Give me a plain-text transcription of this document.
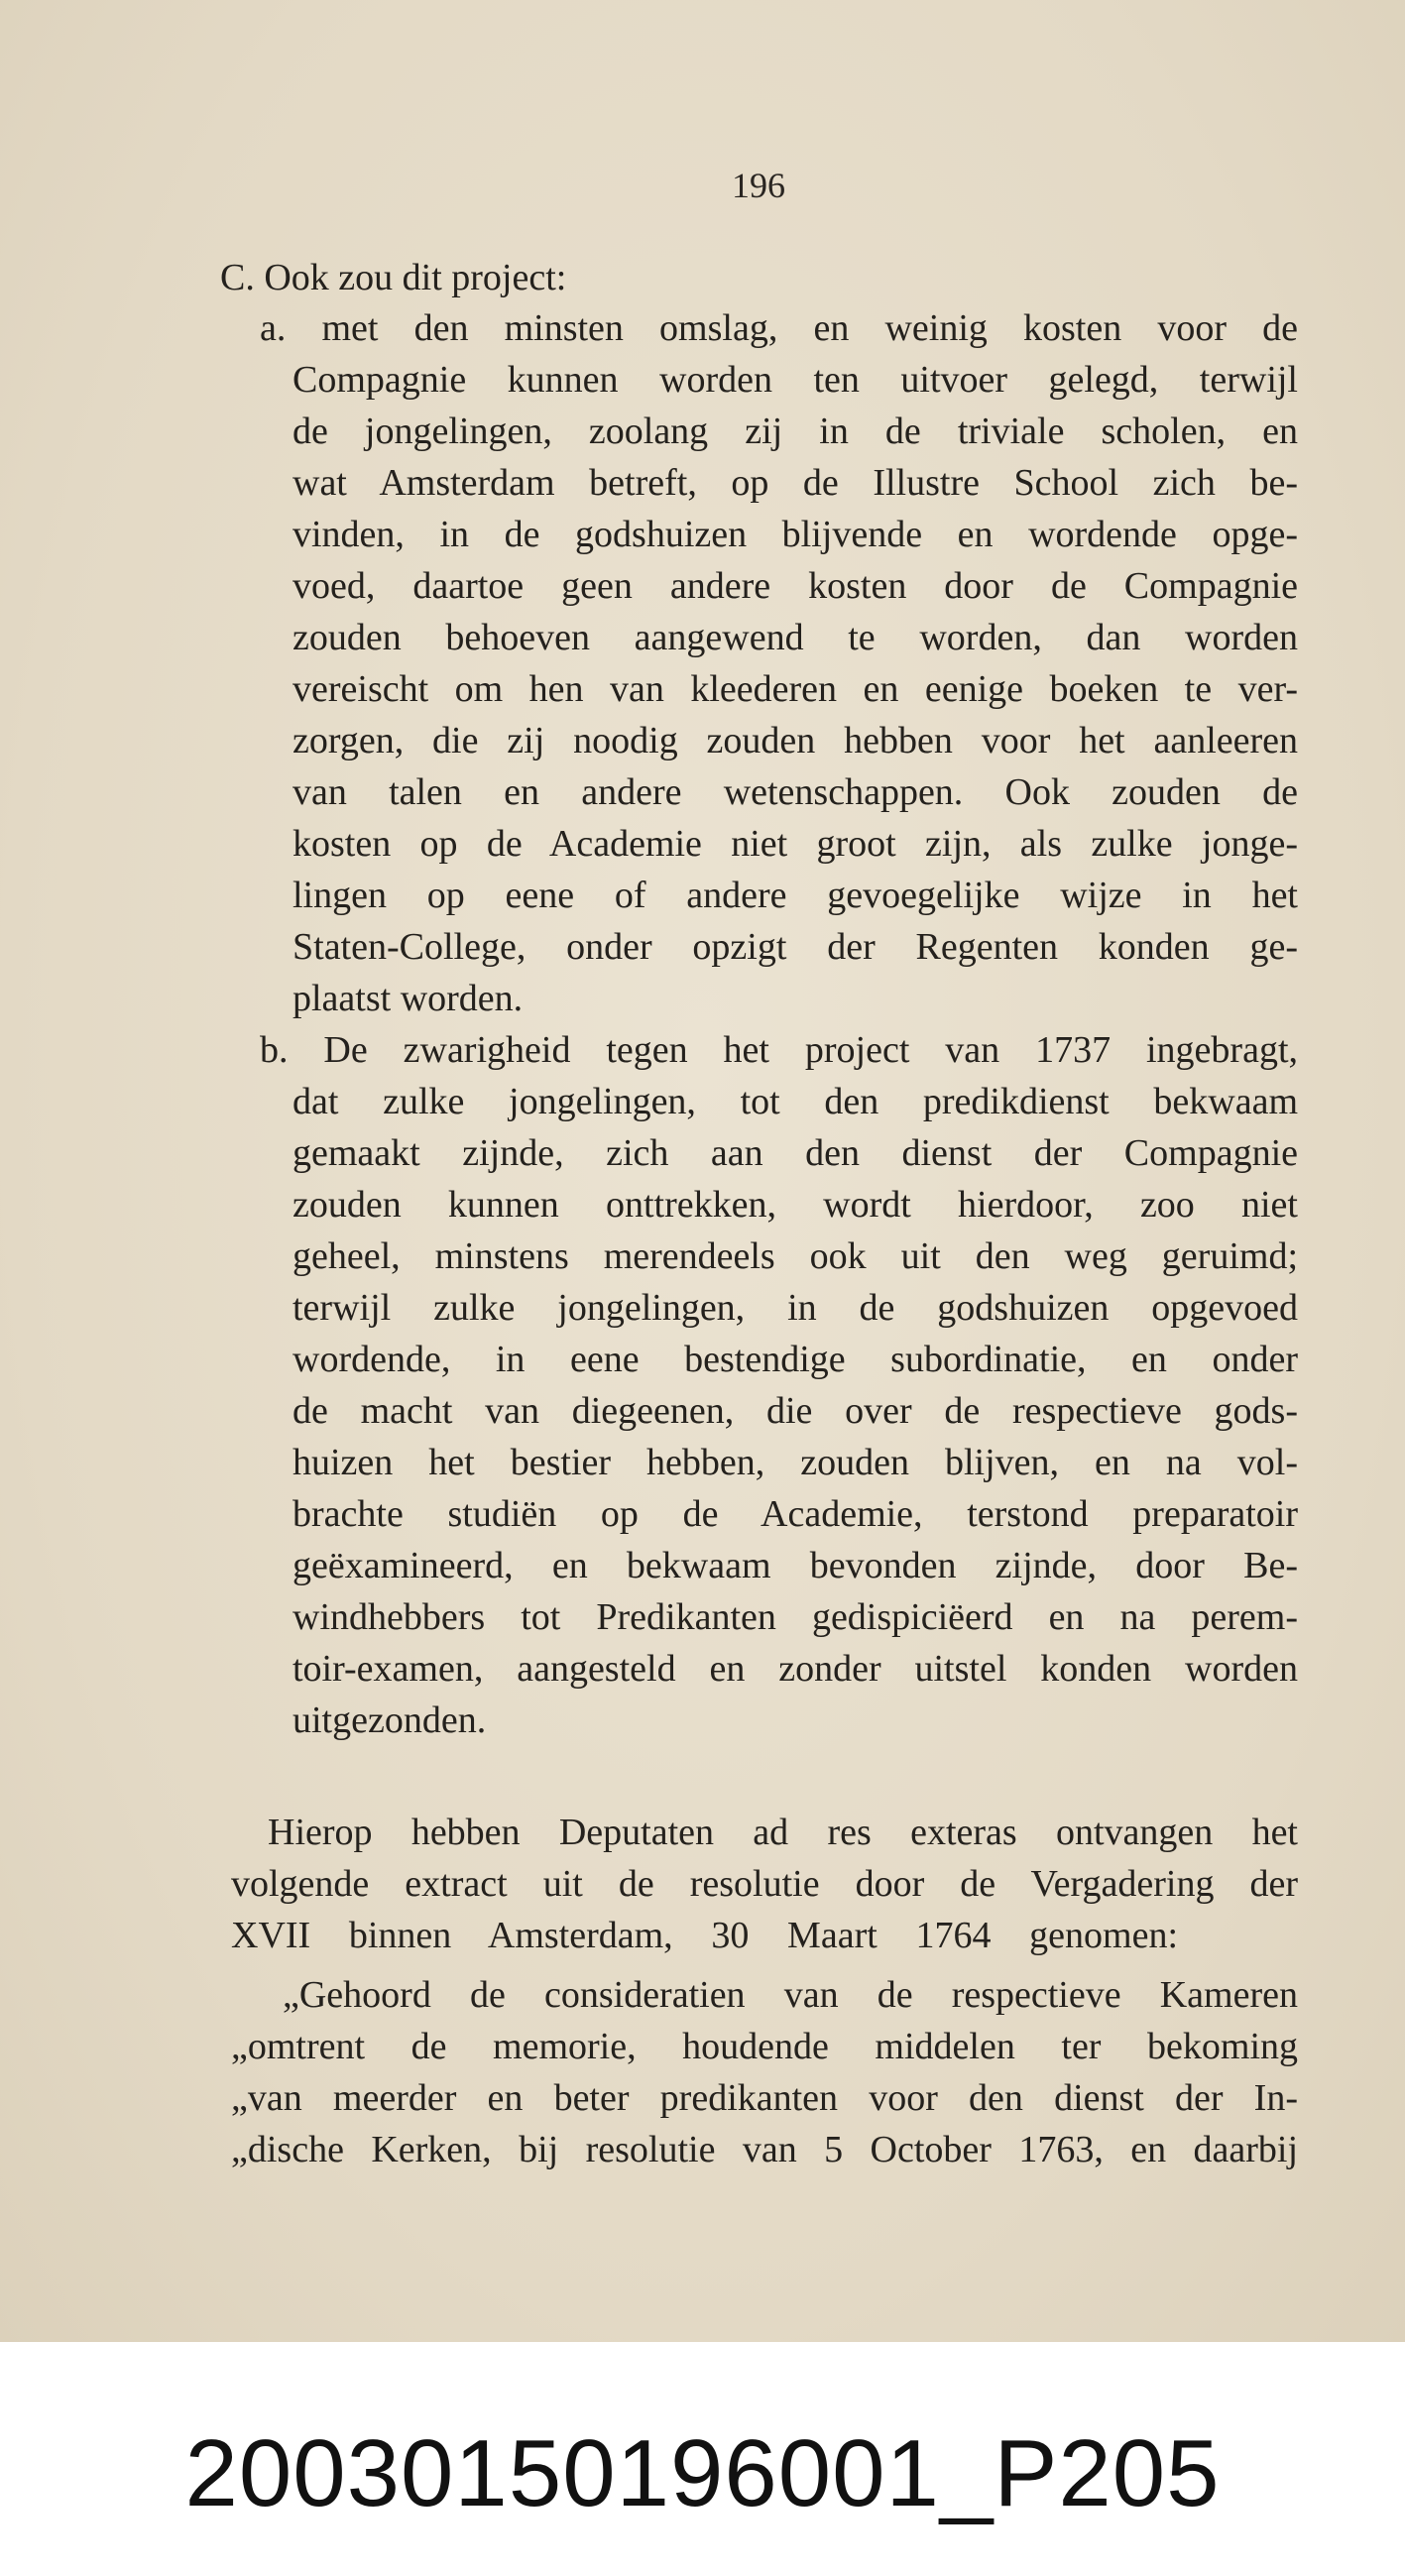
196
C. Ook zou dit project:
a. met den minsten omslag, en weinig kosten voor de
Compagnie kunnen worden ten uitvoer gelegd, terwijl
de jongelingen, zoolang zij in de triviale scholen, en
wat Amsterdam betreft, op de Illustre School zich be-
vinden, in de godshuizen blijvende en wordende opge-
voed, daartoe geen andere kosten door de Compagnie
zouden behoeven aangewend te worden, dan worden
vereischt om hen van kleederen en eenige boeken te ver-
zorgen, die zij noodig zouden hebben voor het aanleeren
van talen en andere wetenschappen. Ook zouden de
kosten op de Academie niet groot zijn, als zulke jonge-
lingen op eene of andere gevoegelijke wijze in het
Staten-College, onder opzigt der Regenten konden ge-
plaatst worden.
b. De zwarigheid tegen het project van 1737 ingebragt,
dat zulke jongelingen, tot den predikdienst bekwaam
gemaakt zijnde, zich aan den dienst der Compagnie
zouden kunnen onttrekken, wordt hierdoor, zoo niet
geheel, minstens merendeels ook uit den weg geruimd;
terwijl zulke jongelingen, in de godshuizen opgevoed
wordende, in eene bestendige subordinatie, en onder
de macht van diegeenen, die over de respectieve gods-
huizen het bestier hebben, zouden blijven, en na vol-
brachte studiën op de Academie, terstond preparatoir
geëxamineerd, en bekwaam bevonden zijnde, door Be-
windhebbers tot Predikanten gedispiciëerd en na perem-
toir-examen, aangesteld en zonder uitstel konden worden
uitgezonden.
Hierop hebben Deputaten ad res exteras ontvangen het
volgende extract uit de resolutie door de Vergadering der
XVII binnen Amsterdam, 30 Maart 1764 genomen:
„Gehoord de consideratien van de respectieve Kameren
„omtrent de memorie, houdende middelen ter bekoming
„van meerder en beter predikanten voor den dienst der In-
„dische Kerken, bij resolutie van 5 October 1763, en daarbij
20030150196001_P205
